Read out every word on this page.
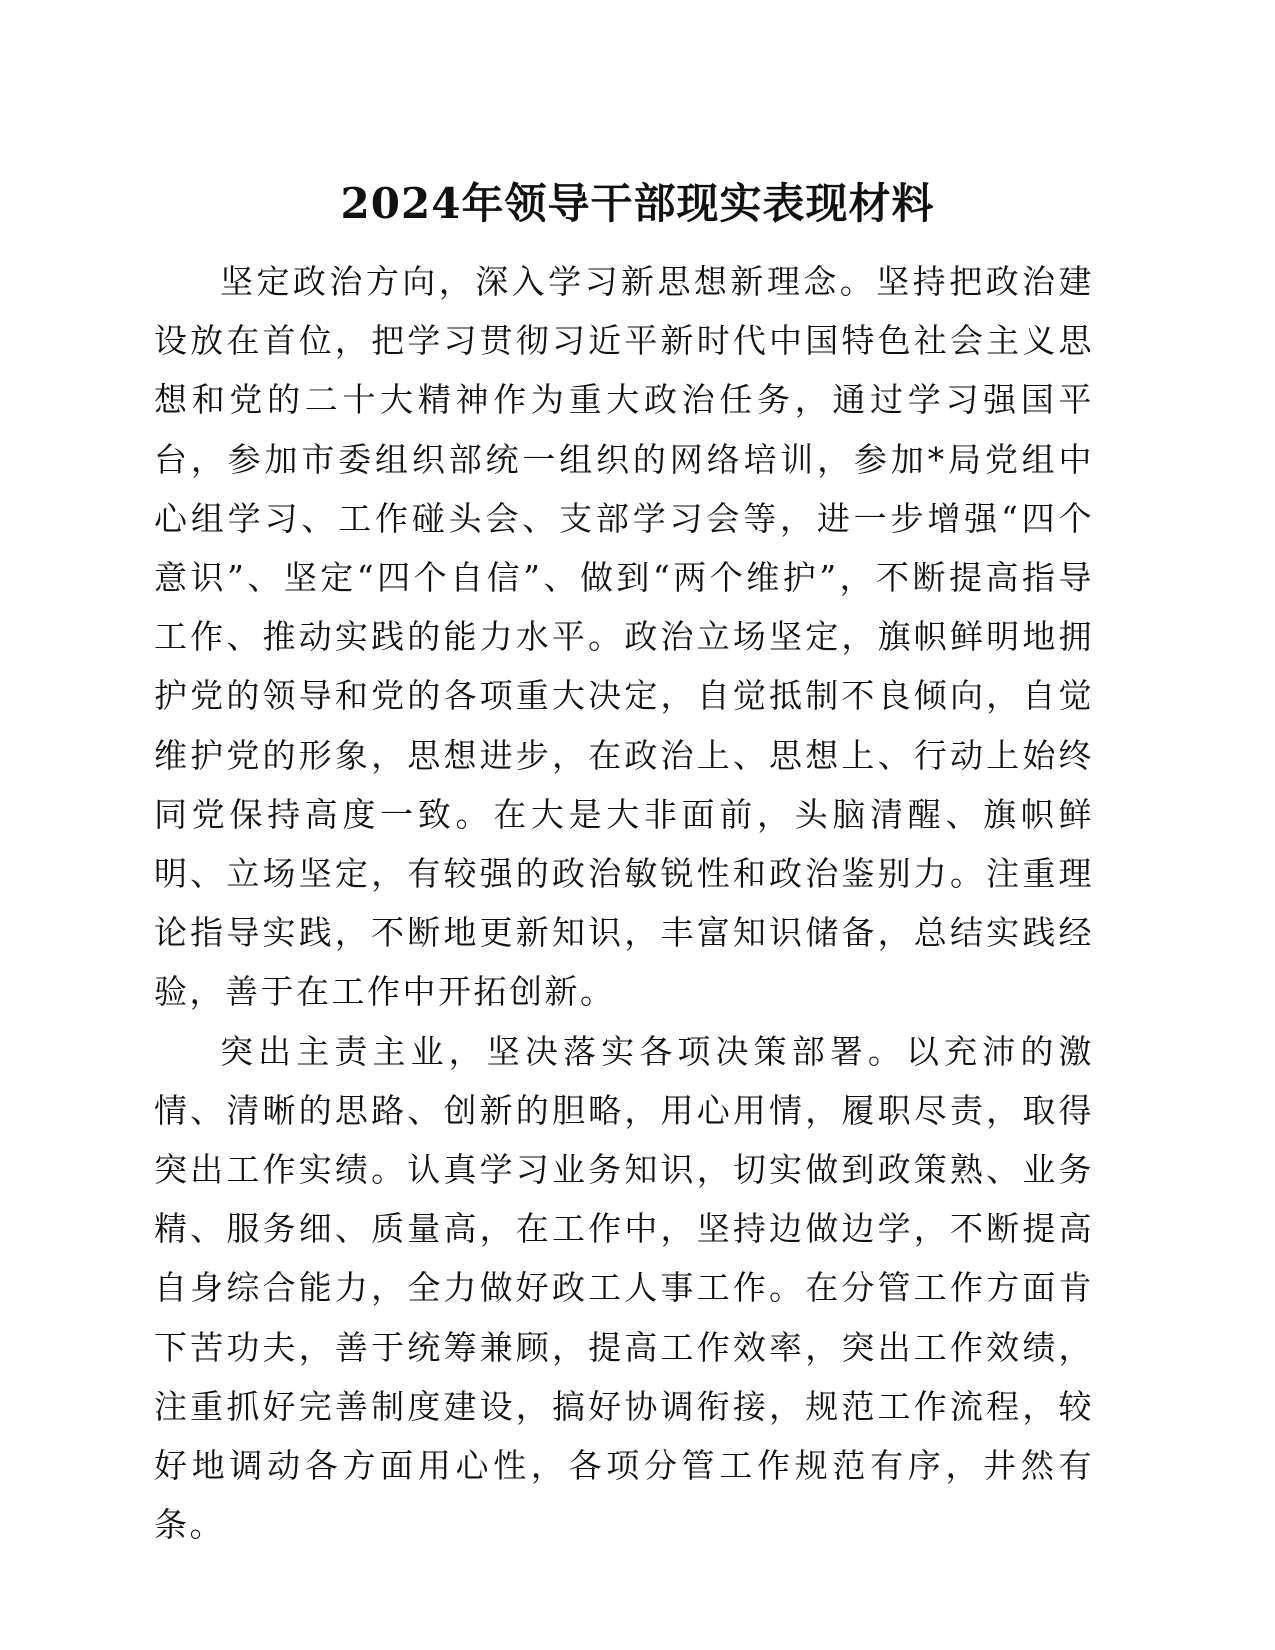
2024年领导干部现实表现材料

坚定政治方向，深入学习新思想新理念。坚持把政治建设放在首位，把学习贯彻习近平新时代中国特色社会主义思想和党的二十大精神作为重大政治任务，通过学习强国平台，参加市委组织部统一组织的网络培训，参加*局党组中心组学习、工作碰头会、支部学习会等，进一步增强“四个意识”、坚定“四个自信”、做到“两个维护”，不断提高指导工作、推动实践的能力水平。政治立场坚定，旗帜鲜明地拥护党的领导和党的各项重大决定，自觉抵制不良倾向，自觉维护党的形象，思想进步，在政治上、思想上、行动上始终同党保持高度一致。在大是大非面前，头脑清醒、旗帜鲜明、立场坚定，有较强的政治敏锐性和政治鉴别力。注重理论指导实践，不断地更新知识，丰富知识储备，总结实践经验，善于在工作中开拓创新。

突出主责主业，坚决落实各项决策部署。以充沛的激情、清晰的思路、创新的胆略，用心用情，履职尽责，取得突出工作实绩。认真学习业务知识，切实做到政策熟、业务精、服务细、质量高，在工作中，坚持边做边学，不断提高自身综合能力，全力做好政工人事工作。在分管工作方面肯下苦功夫，善于统筹兼顾，提高工作效率，突出工作效绩，注重抓好完善制度建设，搞好协调衔接，规范工作流程，较好地调动各方面用心性，各项分管工作规范有序，井然有条。
